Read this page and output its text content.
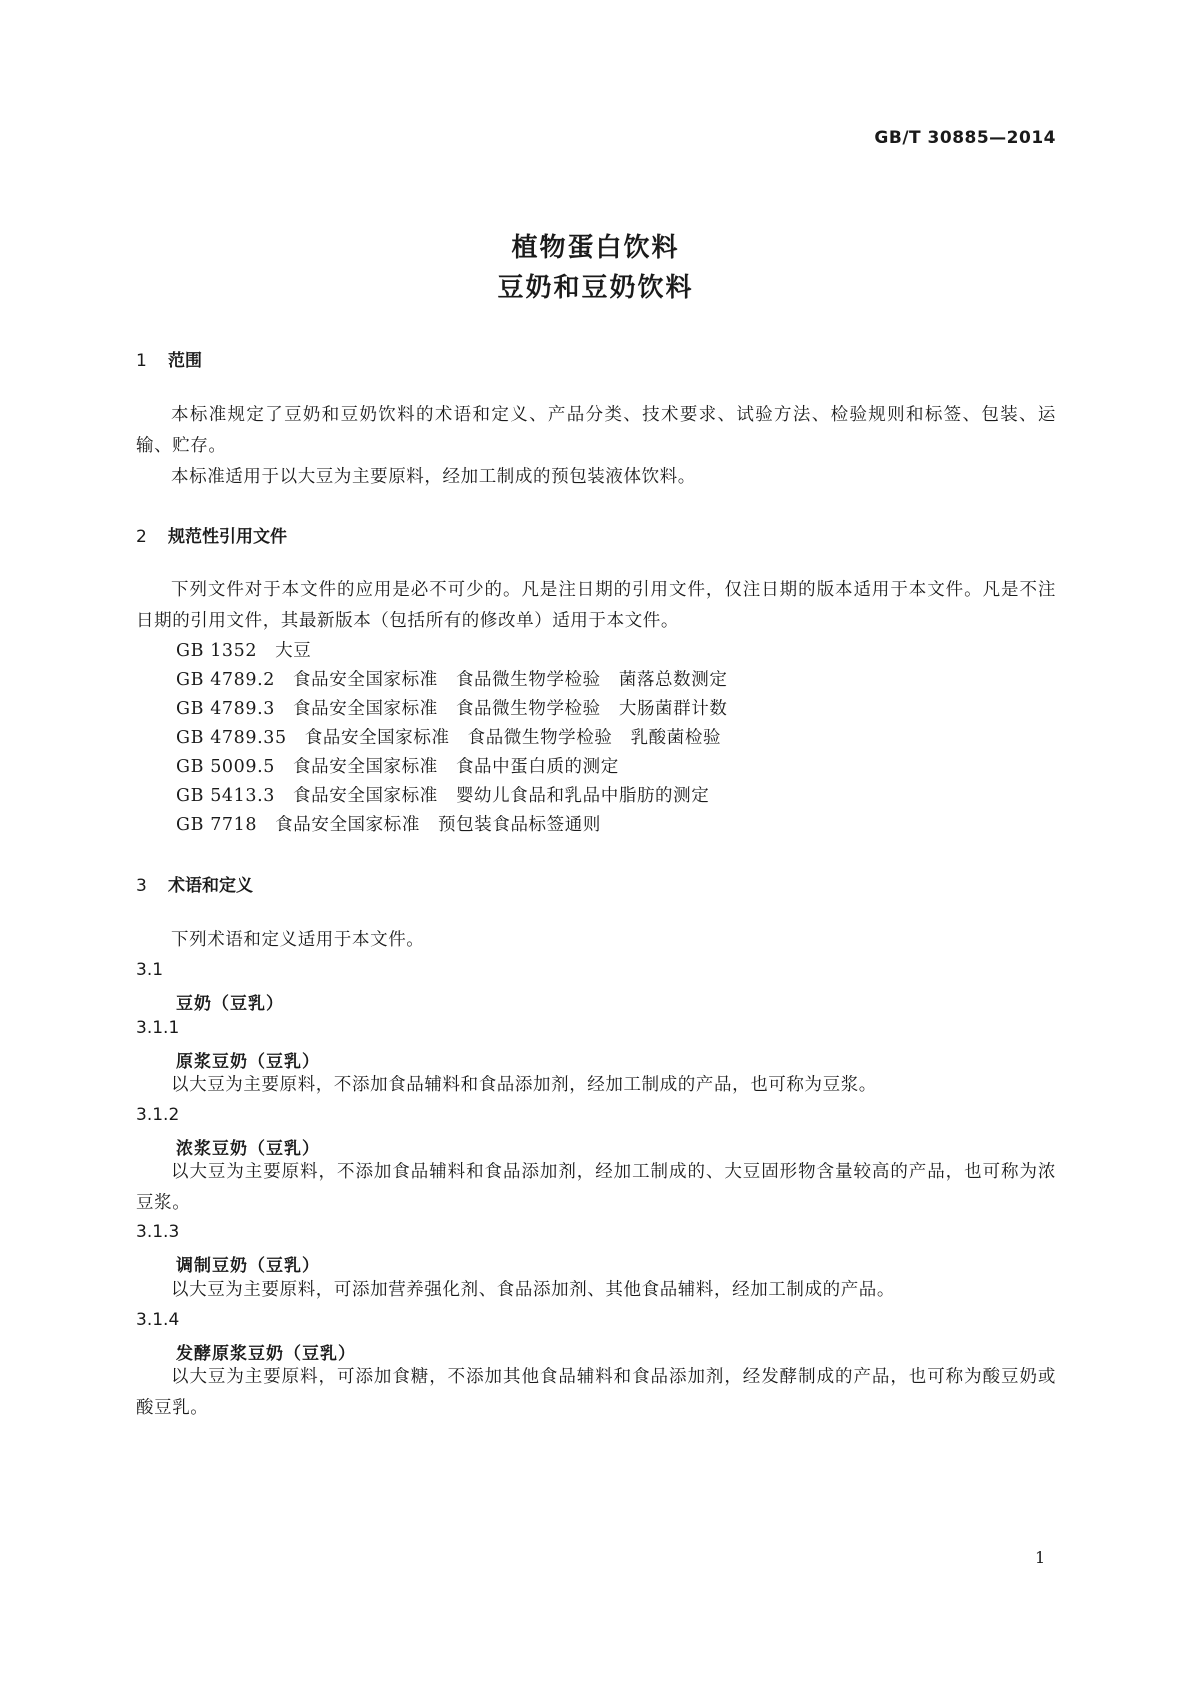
GB/T 30885—2014
植物蛋白饮料
豆奶和豆奶饮料
1 范围
本标准规定了豆奶和豆奶饮料的术语和定义、产品分类、技术要求、试验方法、检验规则和标签、包装、运输、贮存。
本标准适用于以大豆为主要原料，经加工制成的预包装液体饮料。
2 规范性引用文件
下列文件对于本文件的应用是必不可少的。凡是注日期的引用文件，仅注日期的版本适用于本文件。凡是不注日期的引用文件，其最新版本（包括所有的修改单）适用于本文件。
GB 1352 大豆
GB 4789.2 食品安全国家标准　食品微生物学检验　菌落总数测定
GB 4789.3 食品安全国家标准　食品微生物学检验　大肠菌群计数
GB 4789.35 食品安全国家标准　食品微生物学检验　乳酸菌检验
GB 5009.5 食品安全国家标准　食品中蛋白质的测定
GB 5413.3 食品安全国家标准　婴幼儿食品和乳品中脂肪的测定
GB 7718 食品安全国家标准　预包装食品标签通则
3 术语和定义
下列术语和定义适用于本文件。
3.1
豆奶（豆乳）
3.1.1
原浆豆奶（豆乳）
以大豆为主要原料，不添加食品辅料和食品添加剂，经加工制成的产品，也可称为豆浆。
3.1.2
浓浆豆奶（豆乳）
以大豆为主要原料，不添加食品辅料和食品添加剂，经加工制成的、大豆固形物含量较高的产品，也可称为浓豆浆。
3.1.3
调制豆奶（豆乳）
以大豆为主要原料，可添加营养强化剂、食品添加剂、其他食品辅料，经加工制成的产品。
3.1.4
发酵原浆豆奶（豆乳）
以大豆为主要原料，可添加食糖，不添加其他食品辅料和食品添加剂，经发酵制成的产品，也可称为酸豆奶或酸豆乳。
1
